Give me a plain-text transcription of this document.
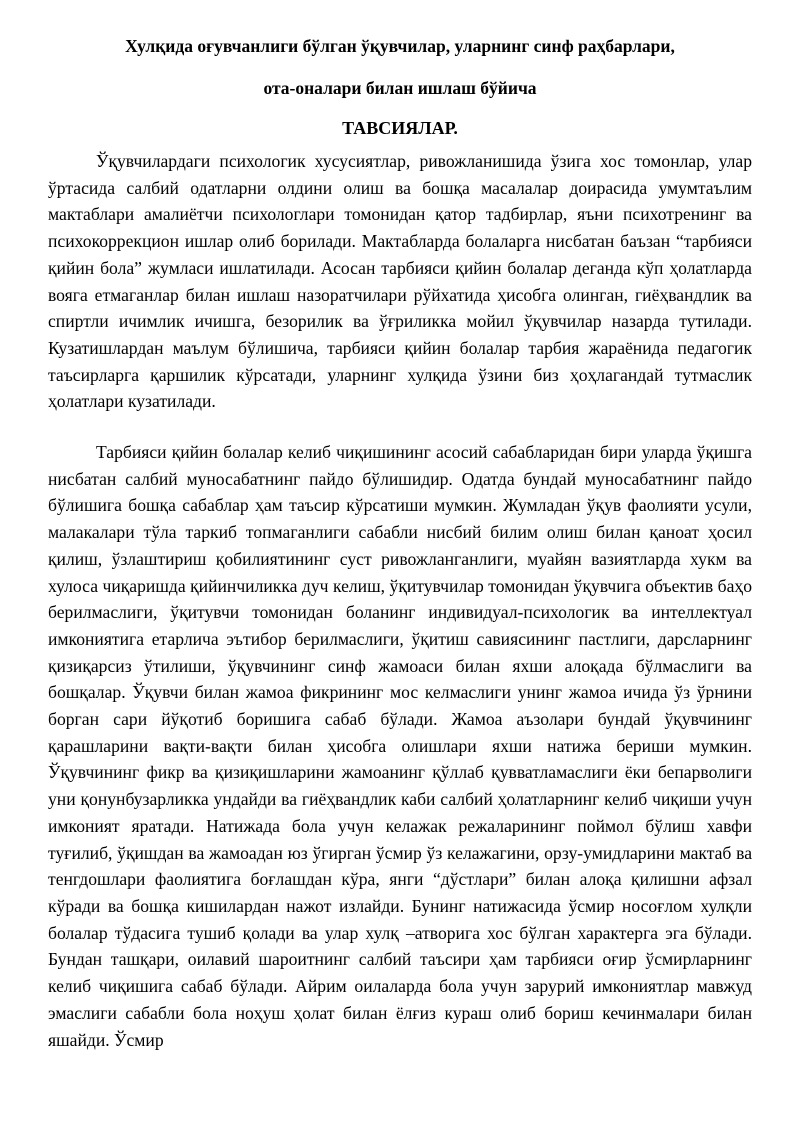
Хулқида оғувчанлиги бўлган ўқувчилар, уларнинг синф раҳбарлари,

ота-оналари билан ишлаш бўйича

ТАВСИЯЛАР.

Ўқувчилардаги психологик хусусиятлар, ривожланишида ўзига хос томонлар, улар ўртасида салбий одатларни олдини олиш ва бошқа масалалар доирасида умумтаълим мактаблари амалиётчи психологлари томонидан қатор тадбирлар, яъни психотренинг ва психокоррекцион ишлар олиб борилади. Мактабларда болаларга нисбатан баъзан “тарбияси қийин бола” жумласи ишлатилади. Асосан тарбияси қийин болалар деганда кўп ҳолатларда вояга етмаганлар билан ишлаш назоратчилари рўйхатида ҳисобга олинган, гиёҳвандлик ва спиртли ичимлик ичишга, безорилик ва ўғриликка мойил ўқувчилар назарда тутилади. Кузатишлардан маълум бўлишича, тарбияси қийин болалар тарбия жараёнида педагогик таъсирларга қаршилик кўрсатади, уларнинг хулқида ўзини биз ҳоҳлагандай тутмаслик ҳолатлари кузатилади.

Тарбияси қийин болалар келиб чиқишининг асосий сабабларидан бири уларда ўқишга нисбатан салбий муносабатнинг пайдо бўлишидир. Одатда бундай муносабатнинг пайдо бўлишига бошқа сабаблар ҳам таъсир кўрсатиши мумкин. Жумладан ўқув фаолияти усули, малакалари тўла таркиб топмаганлиги сабабли нисбий билим олиш билан қаноат ҳосил қилиш, ўзлаштириш қобилиятининг суст ривожланганлиги, муайян вазиятларда хукм ва хулоса чиқаришда қийинчиликка дуч келиш, ўқитувчилар томонидан ўқувчига объектив баҳо берилмаслиги, ўқитувчи томонидан боланинг индивидуал-психологик ва интеллектуал имкониятига етарлича эътибор берилмаслиги, ўқитиш савиясининг пастлиги, дарсларнинг қизиқарсиз ўтилиши, ўқувчининг синф жамоаси билан яхши алоқада бўлмаслиги ва бошқалар. Ўқувчи билан жамоа фикрининг мос келмаслиги унинг жамоа ичида ўз ўрнини борган сари йўқотиб боришига сабаб бўлади. Жамоа аъзолари бундай ўқувчининг қарашларини вақти-вақти билан ҳисобга олишлари яхши натижа бериши мумкин. Ўқувчининг фикр ва қизиқишларини жамоанинг қўллаб қувватламаслиги ёки бепарволиги уни қонунбузарликка ундайди ва гиёҳвандлик каби салбий ҳолатларнинг келиб чиқиши учун имконият яратади. Натижада бола учун келажак режаларининг поймол бўлиш хавфи туғилиб, ўқишдан ва жамоадан юз ўгирган ўсмир ўз келажагини, орзу-умидларини мактаб ва тенгдошлари фаолиятига боғлашдан кўра, янги “дўстлари” билан алоқа қилишни афзал кўради ва бошқа кишилардан нажот излайди. Бунинг натижасида ўсмир носоғлом хулқли болалар тўдасига тушиб қолади ва улар хулқ –атворига хос бўлган характерга эга бўлади. Бундан ташқари, оилавий шароитнинг салбий таъсири ҳам тарбияси оғир ўсмирларнинг келиб чиқишига сабаб бўлади. Айрим оилаларда бола учун зарурий имкониятлар мавжуд эмаслиги сабабли бола ноҳуш ҳолат билан ёлғиз кураш олиб бориш кечинмалари билан яшайди. Ўсмир
